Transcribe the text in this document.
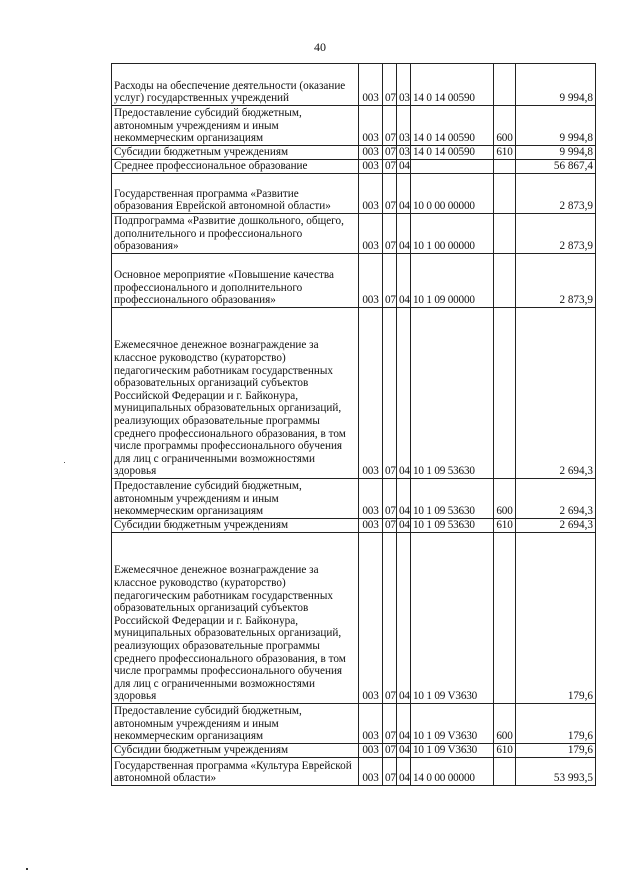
40
Расходы на обеспечение деятельности (оказание услуг) государственных учреждений	003	07	03	14 0 14 00590		9 994,8
Предоставление субсидий бюджетным, автономным учреждениям и иным некоммерческим организациям	003	07	03	14 0 14 00590	600	9 994,8
Субсидии бюджетным учреждениям	003	07	03	14 0 14 00590	610	9 994,8
Среднее профессиональное образование	003	07	04			56 867,4
Государственная программа «Развитие образования Еврейской автономной области»	003	07	04	10 0 00 00000		2 873,9
Подпрограмма «Развитие дошкольного, общего, дополнительного и профессионального образования»	003	07	04	10 1 00 00000		2 873,9
Основное мероприятие «Повышение качества профессионального и дополнительного профессионального образования»	003	07	04	10 1 09 00000		2 873,9
Ежемесячное денежное вознаграждение за классное руководство (кураторство) педагогическим работникам государственных образовательных организаций субъектов Российской Федерации и г. Байконура, муниципальных образовательных организаций, реализующих образовательные программы среднего профессионального образования, в том числе программы профессионального обучения для лиц с ограниченными возможностями здоровья	003	07	04	10 1 09 53630		2 694,3
Предоставление субсидий бюджетным, автономным учреждениям и иным некоммерческим организациям	003	07	04	10 1 09 53630	600	2 694,3
Субсидии бюджетным учреждениям	003	07	04	10 1 09 53630	610	2 694,3
Ежемесячное денежное вознаграждение за классное руководство (кураторство) педагогическим работникам государственных образовательных организаций субъектов Российской Федерации и г. Байконура, муниципальных образовательных организаций, реализующих образовательные программы среднего профессионального образования, в том числе программы профессионального обучения для лиц с ограниченными возможностями здоровья	003	07	04	10 1 09 V3630		179,6
Предоставление субсидий бюджетным, автономным учреждениям и иным некоммерческим организациям	003	07	04	10 1 09 V3630	600	179,6
Субсидии бюджетным учреждениям	003	07	04	10 1 09 V3630	610	179,6
Государственная программа «Культура Еврейской автономной области»	003	07	04	14 0 00 00000		53 993,5
